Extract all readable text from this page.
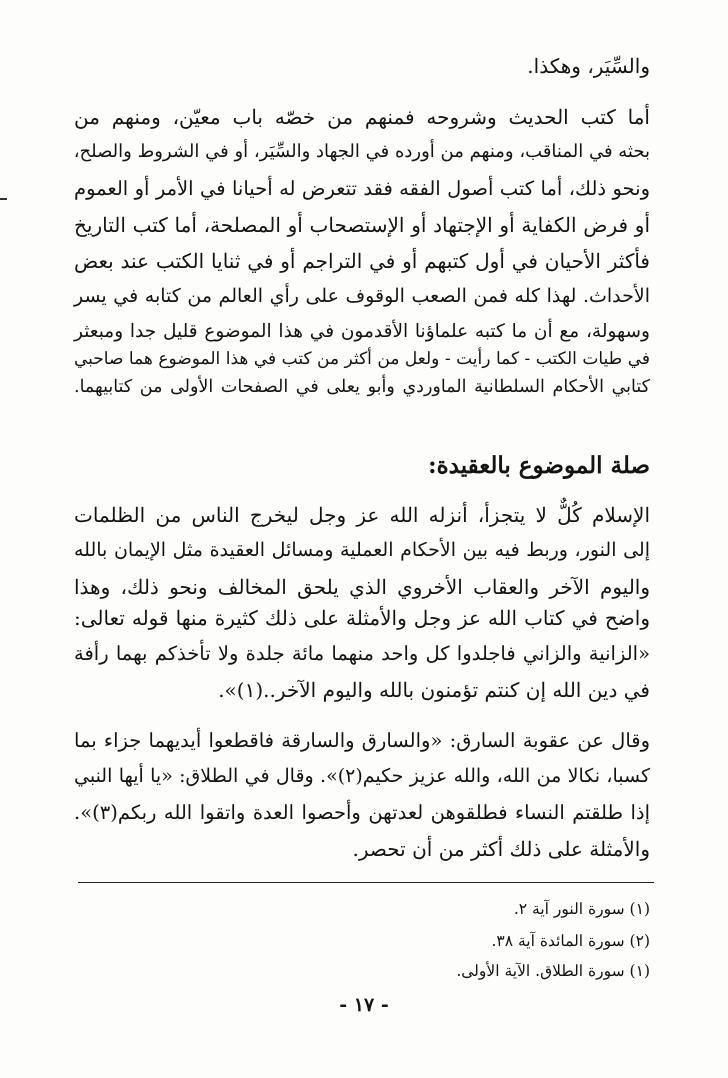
والسِّيَر، وهكذا.
أما كتب الحديث وشروحه فمنهم من خصّه باب معيّن، ومنهم من
بحثه في المناقب، ومنهم من أورده في الجهاد والسِّيَر، أو في الشروط والصلح،
ونحو ذلك، أما كتب أصول الفقه فقد تتعرض له أحيانا في الأمر أو العموم
أو فرض الكفاية أو الإجتهاد أو الإستصحاب أو المصلحة، أما كتب التاريخ
فأكثر الأحيان في أول كتبهم أو في التراجم أو في ثنايا الكتب عند بعض
الأحداث. لهذا كله فمن الصعب الوقوف على رأي العالم من كتابه في يسر
وسهولة، مع أن ما كتبه علماؤنا الأقدمون في هذا الموضوع قليل جدا ومبعثر
في طيات الكتب - كما رأيت - ولعل من أكثر من كتب في هذا الموضوع هما صاحبي
كتابي الأحكام السلطانية الماوردي وأبو يعلى في الصفحات الأولى من كتابيهما.
صلة الموضوع بالعقيدة:
الإسلام كُلٌّ لا يتجزأ، أنزله الله عز وجل ليخرج الناس من الظلمات
إلى النور، وربط فيه بين الأحكام العملية ومسائل العقيدة مثل الإيمان بالله
واليوم الآخر والعقاب الأخروي الذي يلحق المخالف ونحو ذلك، وهذا
واضح في كتاب الله عز وجل والأمثلة على ذلك كثيرة منها قوله تعالى:
«الزانية والزاني فاجلدوا كل واحد منهما مائة جلدة ولا تأخذكم بهما رأفة
في دين الله إن كنتم تؤمنون بالله واليوم الآخر..(١)».
وقال عن عقوبة السارق: «والسارق والسارقة فاقطعوا أيديهما جزاء بما
كسبا، نكالا من الله، والله عزيز حكيم(٢)». وقال في الطلاق: «يا أيها النبي
إذا طلقتم النساء فطلقوهن لعدتهن وأحصوا العدة واتقوا الله ربكم(٣)».
والأمثلة على ذلك أكثر من أن تحصر.
(١) سورة النور آية ٢.
(٢) سورة المائدة آية ٣٨.
(١) سورة الطلاق. الآية الأولى.
- ١٧ -
